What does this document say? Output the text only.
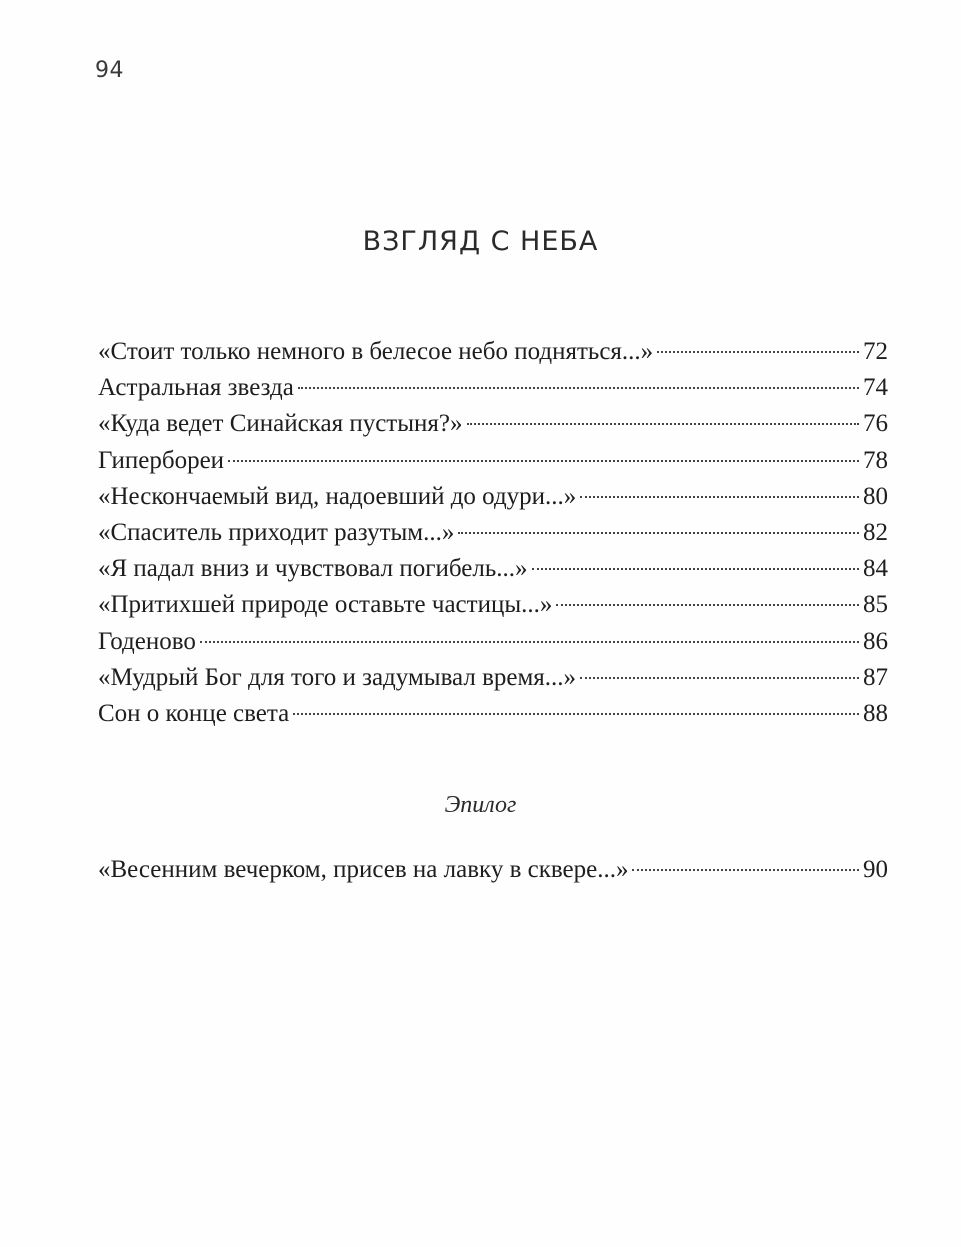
94
ВЗГЛЯД С НЕБА
«Стоит только немного в белесое небо подняться...»	72
Астральная звезда	74
«Куда ведет Синайская пустыня?»	76
Гипербореи	78
«Нескончаемый вид, надоевший до одури...»	80
«Спаситель приходит разутым...»	82
«Я падал вниз и чувствовал погибель...»	84
«Притихшей природе оставьте частицы...»	85
Годеново	86
«Мудрый Бог для того и задумывал время...»	87
Сон о конце света	88
Эпилог
«Весенним вечерком, присев на лавку в сквере...»	90
